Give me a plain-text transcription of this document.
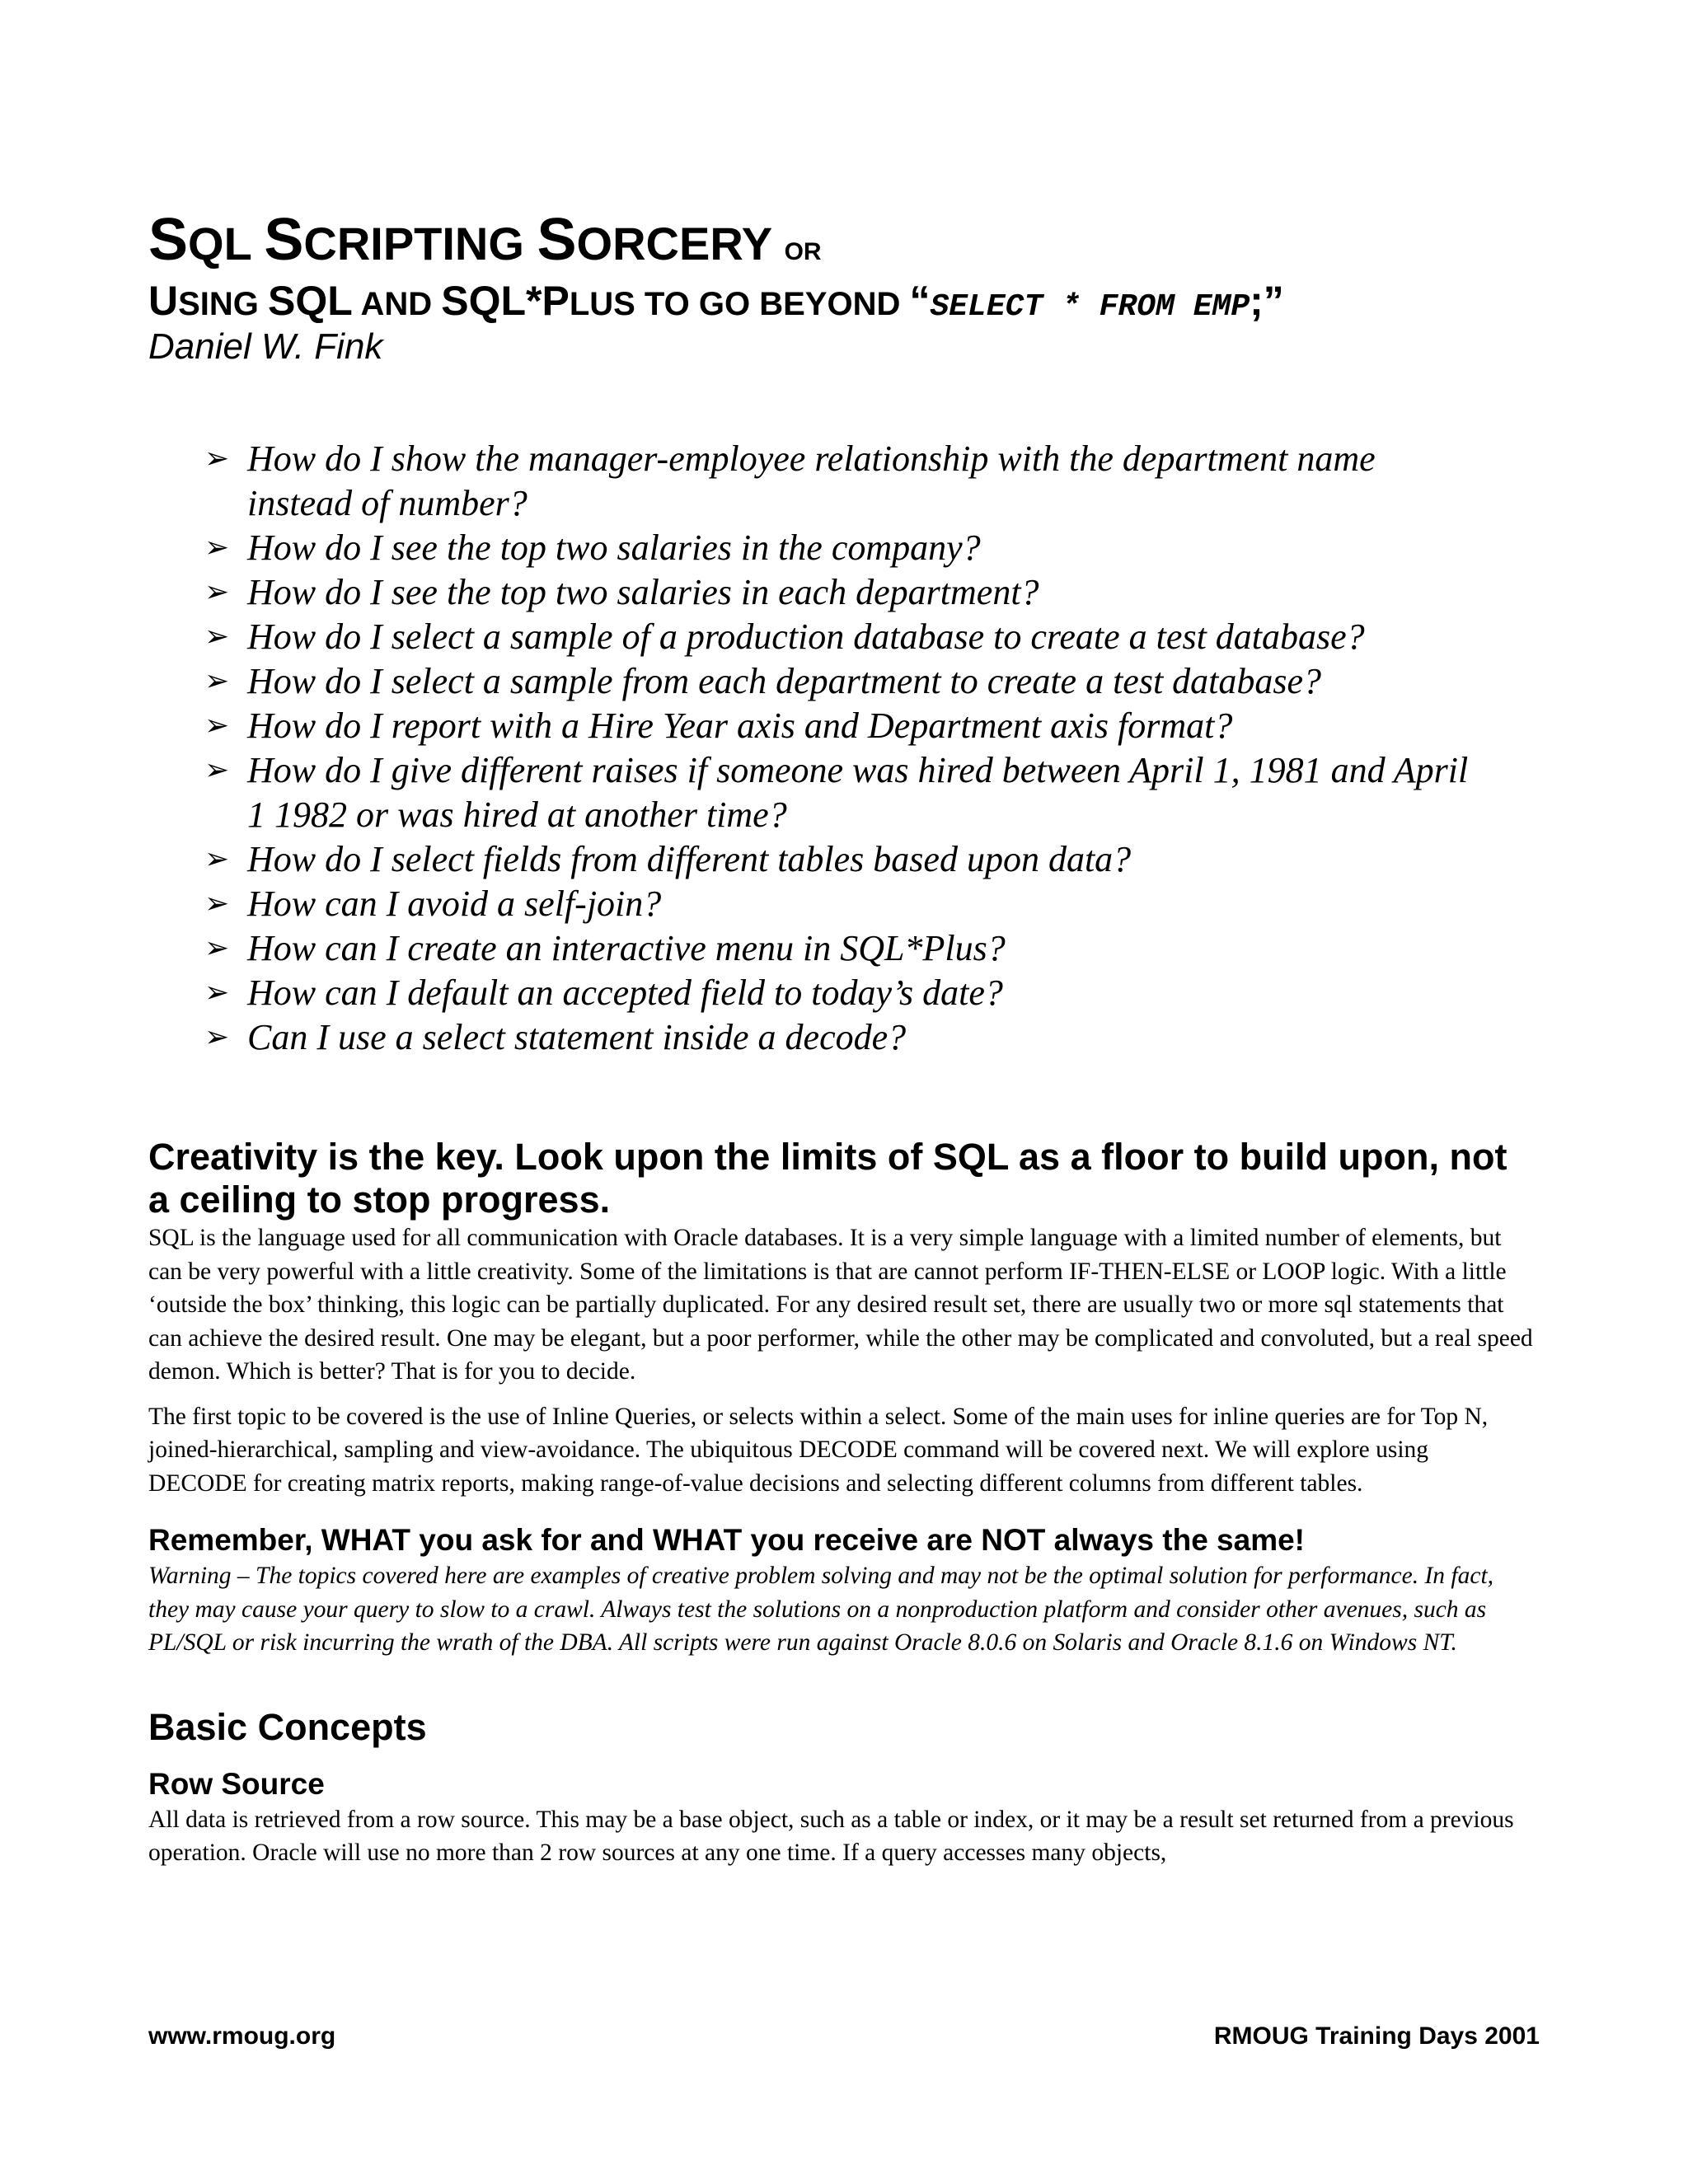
SQL SCRIPTING SORCERY OR
USING SQL AND SQL*PLUS TO GO BEYOND “SELECT * FROM EMP;”
Daniel W. Fink
➢ How do I show the manager-employee relationship with the department name instead of number?
➢ How do I see the top two salaries in the company?
➢ How do I see the top two salaries in each department?
➢ How do I select a sample of a production database to create a test database?
➢ How do I select a sample from each department to create a test database?
➢ How do I report with a Hire Year axis and Department axis format?
➢ How do I give different raises if someone was hired between April 1, 1981 and April 1 1982 or was hired at another time?
➢ How do I select fields from different tables based upon data?
➢ How can I avoid a self-join?
➢ How can I create an interactive menu in SQL*Plus?
➢ How can I default an accepted field to today’s date?
➢ Can I use a select statement inside a decode?
Creativity is the key. Look upon the limits of SQL as a floor to build upon, not a ceiling to stop progress.

SQL is the language used for all communication with Oracle databases. It is a very simple language with a limited number of elements, but can be very powerful with a little creativity. Some of the limitations is that are cannot perform IF-THEN-ELSE or LOOP logic. With a little ‘outside the box’ thinking, this logic can be partially duplicated. For any desired result set, there are usually two or more sql statements that can achieve the desired result. One may be elegant, but a poor performer, while the other may be complicated and convoluted, but a real speed demon. Which is better? That is for you to decide.

The first topic to be covered is the use of Inline Queries, or selects within a select. Some of the main uses for inline queries are for Top N, joined-hierarchical, sampling and view-avoidance. The ubiquitous DECODE command will be covered next. We will explore using DECODE for creating matrix reports, making range-of-value decisions and selecting different columns from different tables.

Remember, WHAT you ask for and WHAT you receive are NOT always the same!

Warning – The topics covered here are examples of creative problem solving and may not be the optimal solution for performance. In fact, they may cause your query to slow to a crawl. Always test the solutions on a nonproduction platform and consider other avenues, such as PL/SQL or risk incurring the wrath of the DBA. All scripts were run against Oracle 8.0.6 on Solaris and Oracle 8.1.6 on Windows NT.

Basic Concepts
Row Source

All data is retrieved from a row source. This may be a base object, such as a table or index, or it may be a result set returned from a previous operation. Oracle will use no more than 2 row sources at any one time. If a query accesses many objects,

www.rmoug.org	RMOUG Training Days 2001
